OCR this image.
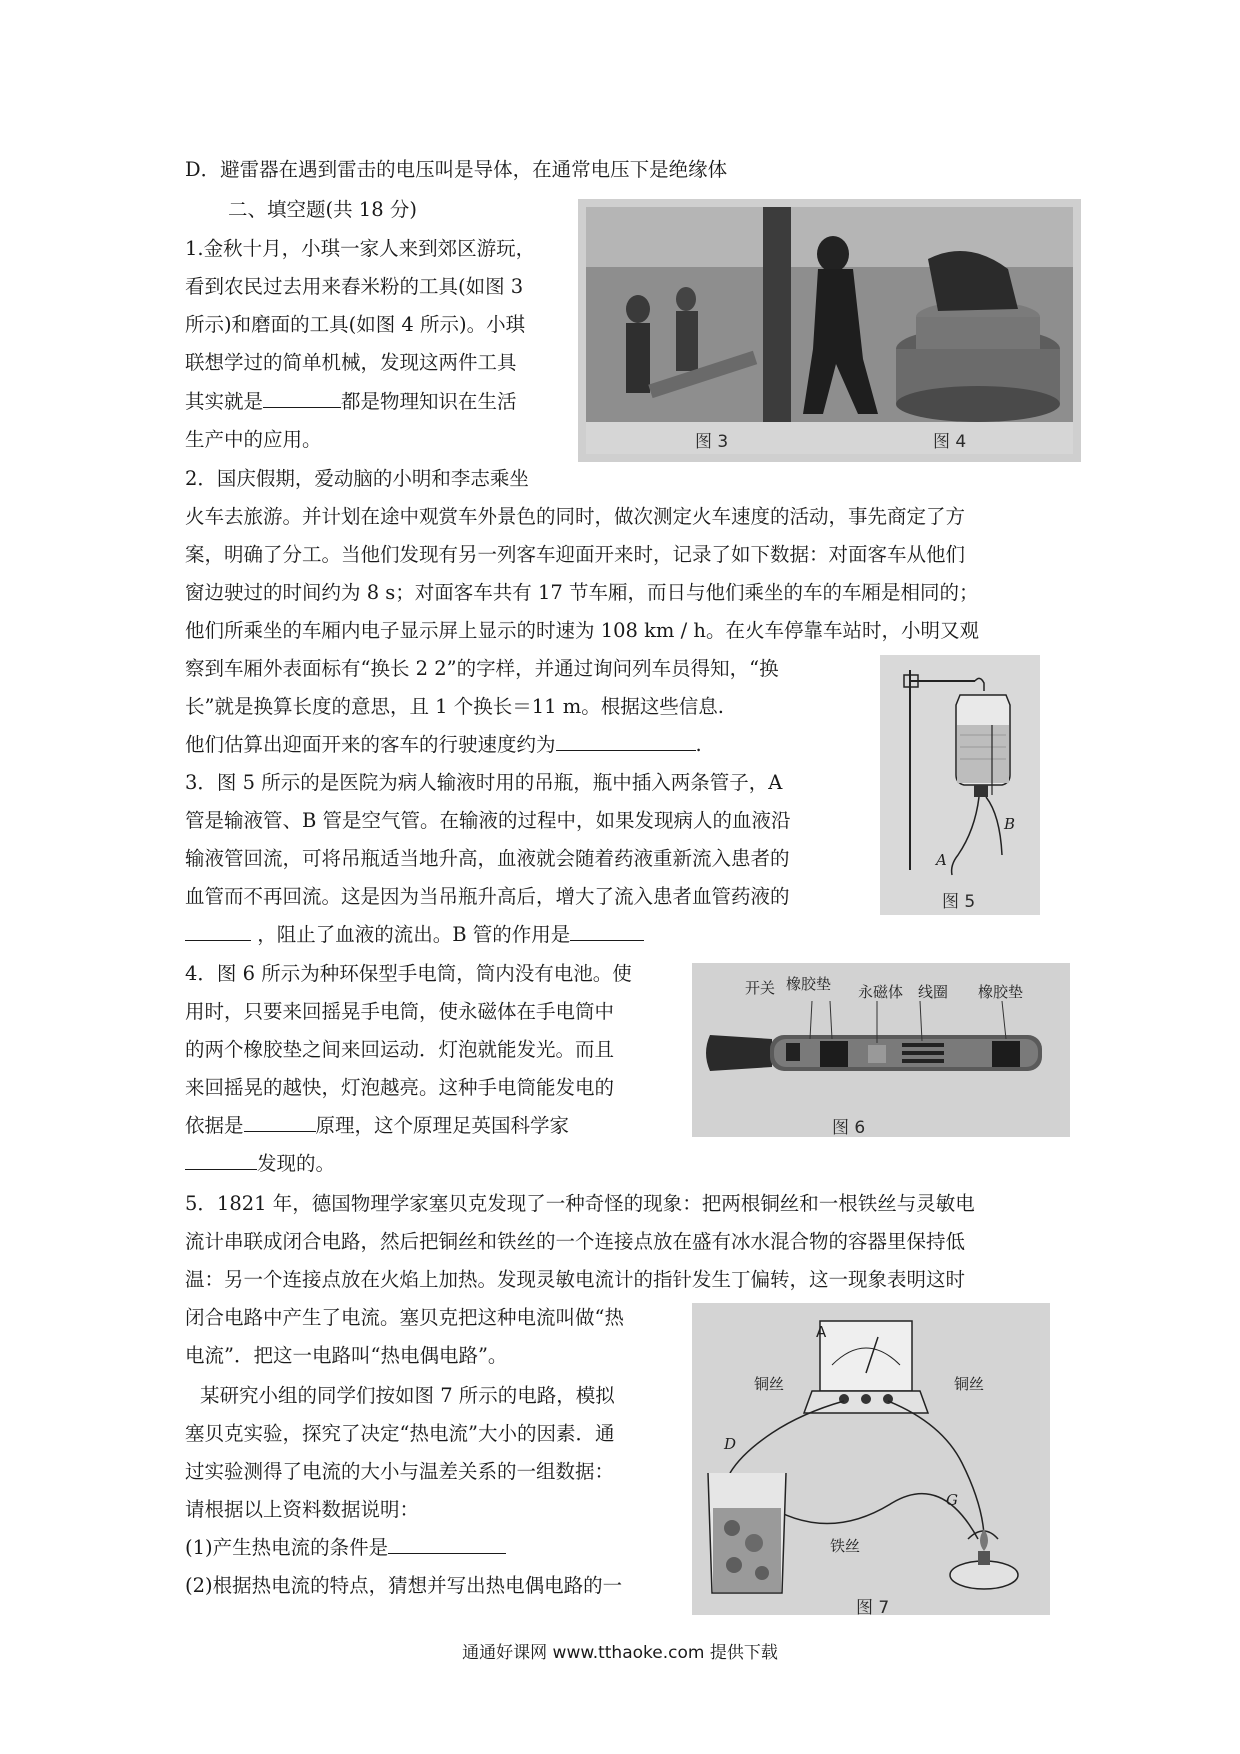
D．避雷器在遇到雷击的电压叫是导体，在通常电压下是绝缘体
二、填空题(共 18 分)
1.金秋十月，小琪一家人来到郊区游玩，
看到农民过去用来舂米粉的工具(如图 3
所示)和磨面的工具(如图 4 所示)。小琪
联想学过的简单机械，发现这两件工具
其实就是	都是物理知识在生活
生产中的应用。
2．国庆假期，爱动脑的小明和李志乘坐
火车去旅游。并计划在途中观赏车外景色的同时，做次测定火车速度的活动，事先商定了方
案，明确了分工。当他们发现有另一列客车迎面开来时，记录了如下数据：对面客车从他们
窗边驶过的时间约为 8 s；对面客车共有 17 节车厢，而日与他们乘坐的车的车厢是相同的；
他们所乘坐的车厢内电子显示屏上显示的时速为 108 km / h。在火车停靠车站时，小明又观
察到车厢外表面标有“换长 2 2”的字样，并通过询问列车员得知，“换
长”就是换算长度的意思，且 1 个换长＝11 m。根据这些信息.
他们估算出迎面开来的客车的行驶速度约为	.
3．图 5 所示的是医院为病人输液时用的吊瓶，瓶中插入两条管子，A
管是输液管、B 管是空气管。在输液的过程中，如果发现病人的血液沿
输液管回流，可将吊瓶适当地升高，血液就会随着药液重新流入患者的
血管而不再回流。这是因为当吊瓶升高后，增大了流入患者血管药液的
，阻止了血液的流出。B 管的作用是
4．图 6 所示为种环保型手电筒，筒内没有电池。使
用时，只要来回摇晃手电筒，使永磁体在手电筒中
的两个橡胶垫之间来回运动．灯泡就能发光。而且
来回摇晃的越快，灯泡越亮。这种手电筒能发电的
依据是	原理，这个原理足英国科学家
发现的。
5．1821 年，德国物理学家塞贝克发现了一种奇怪的现象：把两根铜丝和一根铁丝与灵敏电
流计串联成闭合电路，然后把铜丝和铁丝的一个连接点放在盛有冰水混合物的容器里保持低
温：另一个连接点放在火焰上加热。发现灵敏电流计的指针发生丁偏转，这一现象表明这时
闭合电路中产生了电流。塞贝克把这种电流叫做“热
电流”．把这一电路叫“热电偶电路”。
某研究小组的同学们按如图 7 所示的电路，模拟
塞贝克实验，探究了决定“热电流”大小的因素．通
过实验测得了电流的大小与温差关系的一组数据：
请根据以上资料数据说明：
(1)产生热电流的条件是
(2)根据热电流的特点，猜想并写出热电偶电路的一
图 3	图 4
B
A
图 5
开关 橡胶垫 永磁体 线圈 橡胶垫
图 6
A
铜丝	铜丝
铁丝
D
G
图 7
通通好课网 www.tthaoke.com 提供下载
